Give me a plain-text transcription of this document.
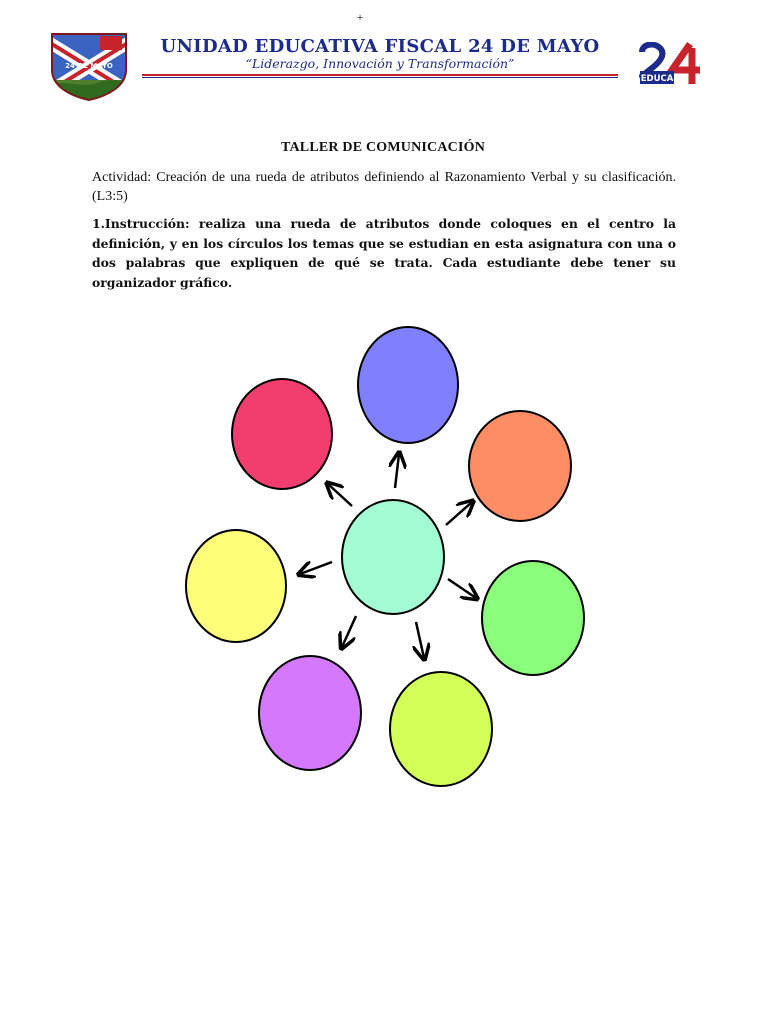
+
24 DE MAYO
UNIDAD EDUCATIVA FISCAL 24 DE MAYO
“Liderazgo, Innovación y Transformación”
EDUCA
TALLER DE COMUNICACIÓN
Actividad: Creación de una rueda de atributos definiendo al Razonamiento Verbal y su clasificación. (L3:5)
1.Instrucción: realiza una rueda de atributos donde coloques en el centro la definición, y en los círculos los temas que se estudian en esta asignatura con una o dos palabras que expliquen de qué se trata. Cada estudiante debe tener su organizador gráfico.
